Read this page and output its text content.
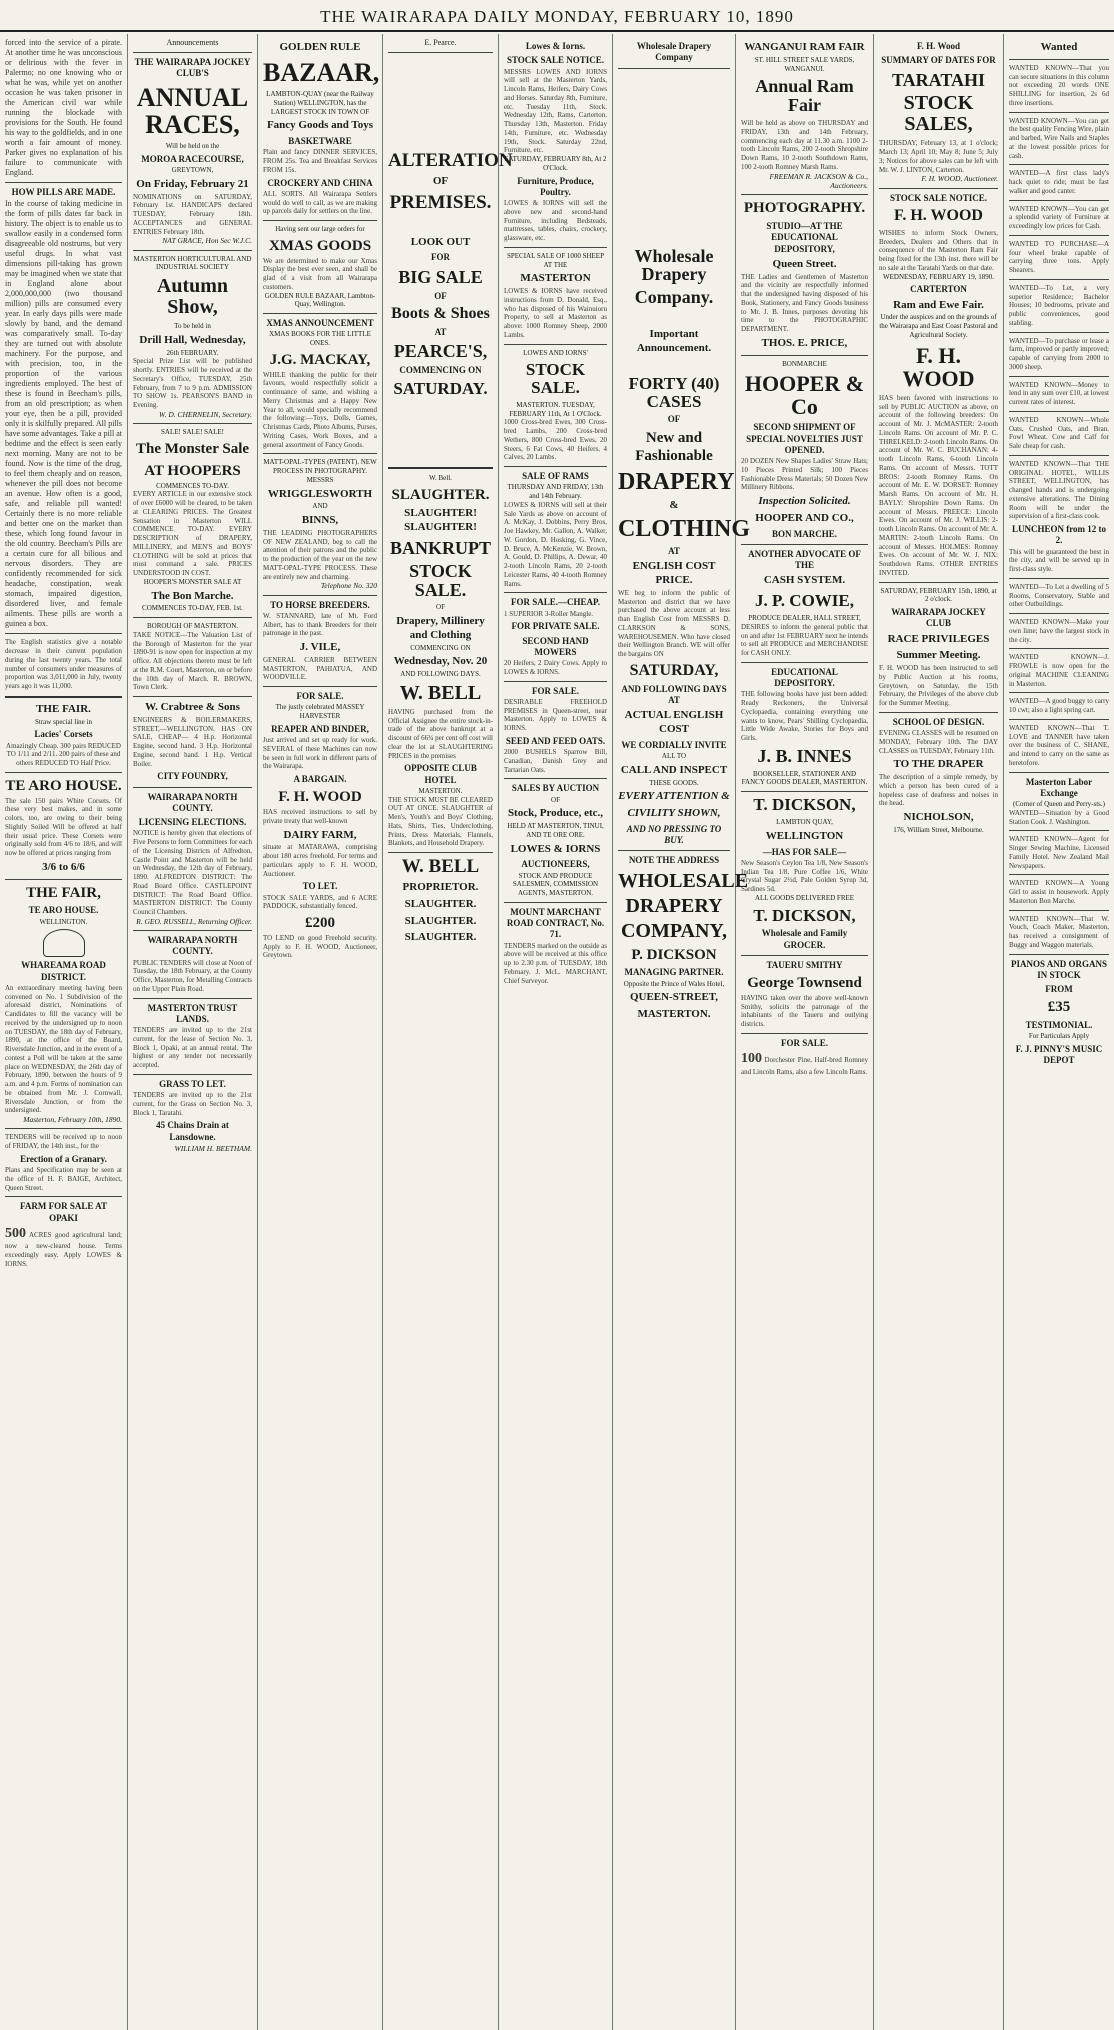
THE WAIRARAPA DAILY MONDAY, FEBRUARY 10, 1890
forced into the service of a pirate. At another time he was unconscious or delirious with the fever in Palermo; no one knowing who or what he was, while yet on another occasion he was taken prisoner in the American civil war while running the blockade with provisions for the South. He found his way to the goldfields, and in one worth a fair amount of money. Parker gives no explanation of his failure to communicate with England.
HOW PILLS ARE MADE.
In the course of taking medicine in the form of pills dates far back in history. The object is to enable us to swallow easily in a condensed form disagreeable old nostrums, but very useful drugs. In what vast dimensions pill-taking has grown may be imagined when we state that in England alone about 2,000,000,000 (two thousand million) pills are consumed every year. In early days pills were made slowly by hand, and the demand was comparatively small. To-day they are turned out with absolute machinery. For the purpose, and with precision, too, in the proportion of the various ingredients employed. The best of these is found in Beecham's pills, from an old prescription; as when your eye, then be a pill, provided only it is skilfully prepared. All pills have some advantages. Take a pill at bedtime and the effect is seen early next morning. Many are not to be found. Now is the time of the drug, to feel them cheaply and on reason, whenever the pill does not become an avenue. How often is a good, safe, and reliable pill wanted! Certainly there is no more reliable and better one on the market than these, which long found favour in the old country. Beecham's Pills are a certain cure for all bilious and nervous disorders. They are confidently recommended for sick headache, constipation, weak stomach, impaired digestion, disordered liver, and female ailments. These pills are worth a guinea a box.
The English statistics give a notable decrease in their current population during the last twenty years. The total number of consumers under measures of proportion was 3,011,000 in July, twenty years ago it was 11,000.
THE FAIR.
Straw special line in
Lacies' Corsets
Amazingly Cheap. 300 pairs REDUCED TO 1/11 and 2/11. 200 pairs of these and others REDUCED TO Half Price.
TE ARO HOUSE.
The sale 150 pairs White Corsets. Of these very best makes, and in some colors, too, are owing to their being Slightly Soiled Will be offered at half their usual price. These Corsets were originally sold from 4/6 to 18/6, and will now be offered at prices ranging from
3/6 to 6/6
THE FAIR,
TE ARO HOUSE.
WELLINGTON.
WHAREAMA ROAD DISTRICT.
An extraordinary meeting having been convened on No. 1 Subdivision of the aforesaid district, Nominations of Candidates to fill the vacancy will be received by the undersigned up to noon on TUESDAY, the 18th day of February, 1890, at the office of the Board, Riversdale Junction, and in the event of a contest a Poll will be taken at the same place on WEDNESDAY, the 26th day of February, 1890, between the hours of 9 a.m. and 4 p.m. Forms of nomination can be obtained from Mr. J. Cornwall, Riversdale Junction, or from the undersigned.
Masterton, February 10th, 1890.
TENDERS will be received up to noon of FRIDAY, the 14th inst., for the
Erection of a Granary.
Plans and Specification may be seen at the office of H. F. BAIGE, Architect, Queen Street.
FARM FOR SALE AT OPAKI
500 ACRES good agricultural land; now a new-cleared house. Terms exceedingly easy. Apply LOWES & IORNS.
Announcements
THE WAIRARAPA JOCKEY CLUB'S
ANNUAL RACES,
Will be held on the
MOROA RACECOURSE,
GREYTOWN,
On Friday, February 21
NOMINATIONS on SATURDAY, February 1st. HANDICAPS declared TUESDAY, February 18th. ACCEPTANCES and GENERAL ENTRIES February 18th.
NAT GRACE, Hon Sec W.J.C.
MASTERTON HORTICULTURAL AND INDUSTRIAL SOCIETY
Autumn Show,
To be held in
Drill Hall, Wednesday,
26th FEBRUARY.
Special Prize List will be published shortly. ENTRIES will be received at the Secretary's Office, TUESDAY, 25th February, from 7 to 9 p.m. ADMISSION TO SHOW 1s. PEARSON'S BAND in Evening.
W. D. CHERNELIN, Secretary.
SALE! SALE! SALE!
The Monster Sale
AT HOOPERS
COMMENCES TO-DAY.
EVERY ARTICLE in our extensive stock of over £6000 will be cleared, to be taken at CLEARING PRICES. The Greatest Sensation in Masterton WILL COMMENCE TO-DAY. EVERY DESCRIPTION of DRAPERY, MILLINERY, and MEN'S and BOYS' CLOTHING will be sold at prices that must command a sale. PRICES UNDERSTOOD IN COST.
HOOPER'S MONSTER SALE AT
The Bon Marche.
COMMENCES TO-DAY, FEB. 1st.
BOROUGH OF MASTERTON.
TAKE NOTICE—The Valuation List of the Borough of Masterton for the year 1890-91 is now open for inspection at my office. All objections thereto must be left at the R.M. Court, Masterton, on or before the 10th day of March. R. BROWN, Town Clerk.
W. Crabtree & Sons
ENGINEERS & BOILERMAKERS, STREET,—WELLINGTON. HAS ON SALE, CHEAP— 4 H.p. Horizontal Engine, second hand. 3 H.p. Horizontal Engine, second hand. 1 H.p. Vertical Boiler.
CITY FOUNDRY,
WAIRARAPA NORTH COUNTY.
LICENSING ELECTIONS.
NOTICE is hereby given that elections of Five Persons to form Committees for each of the Licensing Districts of Alfredton, Castle Point and Masterton will be held on Wednesday, the 12th day of February, 1890. ALFREDTON DISTRICT: The Road Board Office. CASTLEPOINT DISTRICT: The Road Board Office. MASTERTON DISTRICT: The County Council Chambers.
R. GEO. RUSSELL, Returning Officer.
WAIRARAPA NORTH COUNTY.
PUBLIC TENDERS will close at Noon of Tuesday, the 18th February, at the County Office, Masterton, for Metalling Contracts on the Upper Plain Road.
MASTERTON TRUST LANDS.
TENDERS are invited up to the 21st current, for the lease of Section No. 3, Block 1, Opaki, at an annual rental. The highest or any tender not necessarily accepted.
GRASS TO LET.
TENDERS are invited up to the 21st current, for the Grass on Section No. 3, Block 1, Taratahi.
45 Chains Drain at Lansdowne.
WILLIAM H. BEETHAM.
GOLDEN RULE
BAZAAR,
LAMBTON-QUAY (near the Railway Station) WELLINGTON, has the LARGEST STOCK IN TOWN OF
Fancy Goods and Toys
BASKETWARE
Plain and fancy DINNER SERVICES, FROM 25s. Tea and Breakfast Services FROM 15s.
CROCKERY AND CHINA
ALL SORTS. All Wairarapa Settlers would do well to call, as we are making up parcels daily for settlers on the line.
Having sent our large orders for
XMAS GOODS
We are determined to make our Xmas Display the best ever seen, and shall be glad of a visit from all Wairarapa customers.
GOLDEN RULE BAZAAR, Lambton-Quay, Wellington.
XMAS ANNOUNCEMENT
XMAS BOOKS FOR THE LITTLE ONES.
J.G. MACKAY,
WHILE thanking the public for their favours, would respectfully solicit a continuance of same, and wishing a Merry Christmas and a Happy New Year to all, would specially recommend the following:—Toys, Dolls, Games, Christmas Cards, Photo Albums, Purses, Writing Cases, Work Boxes, and a general assortment of Fancy Goods.
MATT-OPAL-TYPES (PATENT). NEW PROCESS IN PHOTOGRAPHY. MESSRS
WRIGGLESWORTH
AND
BINNS,
THE LEADING PHOTOGRAPHERS OF NEW ZEALAND, beg to call the attention of their patrons and the public to the production of the year on the new MATT-OPAL-TYPE PROCESS. These are entirely new and charming.
Telephone No. 320
TO HORSE BREEDERS.
W. STANNARD, late of Mt. Ford Albert, has to thank Breeders for their patronage in the past.
J. VILE,
GENERAL CARRIER BETWEEN MASTERTON, PAHIATUA, AND WOODVILLE.
FOR SALE.
The justly celebrated MASSEY HARVESTER
REAPER AND BINDER,
Just arrived and set up ready for work. SEVERAL of these Machines can now be seen in full work in different parts of the Wairarapa.
A BARGAIN.
F. H. WOOD
HAS received instructions to sell by private treaty that well-known
DAIRY FARM,
situate at MATARAWA, comprising about 180 acres freehold. For terms and particulars apply to F. H. WOOD, Auctioneer.
TO LET.
STOCK SALE YARDS, and 6 ACRE PADDOCK, substantially fenced.
£200
TO LEND on good Freehold security. Apply to F. H. WOOD, Auctioneer, Greytown.
E. Pearce.
ALTERATION
OF
PREMISES.
LOOK OUT
FOR
BIG SALE
OF
Boots & Shoes
AT
PEARCE'S,
COMMENCING ON
SATURDAY.
W. Bell.
SLAUGHTER.
SLAUGHTER! SLAUGHTER!
BANKRUPT
STOCK SALE.
OF
Drapery, Millinery and Clothing
COMMENCING ON
Wednesday, Nov. 20
AND FOLLOWING DAYS.
W. BELL
HAVING purchased from the Official Assignee the entire stock-in-trade of the above bankrupt at a discount of 66¾ per cent off cost will clear the lot at SLAUGHTERING PRICES in the premises
OPPOSITE CLUB HOTEL
MASTERTON.
THE STOCK MUST BE CLEARED OUT AT ONCE. SLAUGHTER of Men's, Youth's and Boys' Clothing, Hats, Shirts, Ties, Underclothing, Prints, Dress Materials, Flannels, Blankets, and Household Drapery.
W. BELL
PROPRIETOR.
SLAUGHTER.
SLAUGHTER.
SLAUGHTER.
Lowes & Iorns.
STOCK SALE NOTICE.
MESSRS LOWES AND IORNS will sell at the Masterton Yards, Lincoln Rams, Heifers, Dairy Cows and Horses. Saturday 8th, Furniture, etc. Tuesday 11th, Stock. Wednesday 12th, Rams, Carterton. Thursday 13th, Masterton. Friday 14th, Furniture, etc. Wednesday 19th, Stock. Saturday 22nd, Furniture, etc.
SATURDAY, FEBRUARY 8th, At 2 O'Clock.
Furniture, Produce, Poultry.
LOWES & IORNS will sell the above new and second-hand Furniture, including Bedsteads, mattresses, tables, chairs, crockery, glassware, etc.
SPECIAL SALE OF 1000 SHEEP AT THE
MASTERTON
LOWES & IORNS have received instructions from D. Donald, Esq., who has disposed of his Wainuioru Property, to sell at Masterton as above: 1000 Romney Sheep, 2000 Lambs.
LOWES AND IORNS'
STOCK SALE.
MASTERTON. TUESDAY, FEBRUARY 11th, At 1 O'Clock.
1000 Cross-bred Ewes, 300 Cross-bred Lambs, 200 Cross-bred Wethers, 800 Cross-bred Ewes, 20 Steers, 6 Fat Cows, 40 Heifers, 4 Calves, 20 Lambs.
SALE OF RAMS
THURSDAY AND FRIDAY, 13th and 14th February.
LOWES & IORNS will sell at their Sale Yards as above on account of A. McKay, J. Dobbins, Perry Bros, Joe Hawkey, Mr. Gallon, A. Walker, W. Gordon, D. Hosking, G. Vince, D. Bruce, A. McKenzie, W. Brown, A. Gould, D. Phillips, A. Dewar, 40 2-tooth Lincoln Rams, 20 2-tooth Leicester Rams, 40 4-tooth Romney Rams.
FOR SALE.—CHEAP.
1 SUPERIOR 3-Roller Mangle.
FOR PRIVATE SALE.
SECOND HAND MOWERS
20 Heifers, 2 Dairy Cows. Apply to LOWES & IORNS.
FOR SALE.
DESIRABLE FREEHOLD PREMISES in Queen-street, near Masterton. Apply to LOWES & IORNS.
SEED AND FEED OATS.
2000 BUSHELS Sparrow Bill, Canadian, Danish Grey and Tartarian Oats.
SALES BY AUCTION
OF
Stock, Produce, etc.,
HELD AT MASTERTON, TINUI, AND TE ORE ORE.
LOWES & IORNS
AUCTIONEERS,
STOCK AND PRODUCE SALESMEN, COMMISSION AGENTS, MASTERTON.
MOUNT MARCHANT ROAD CONTRACT, No. 71.
TENDERS marked on the outside as above will be received at this office up to 2.30 p.m. of TUESDAY, 18th February. J. McL. MARCHANT, Chief Surveyor.
Wholesale Drapery Company
Wholesale Drapery
Company.
Important Announcement.
FORTY (40) CASES
OF
New and Fashionable
DRAPERY
&
CLOTHING
AT
ENGLISH COST PRICE.
WE beg to inform the public of Masterton and district that we have purchased the above account at less than English Cost from MESSRS D. CLARKSON & SONS, WAREHOUSEMEN. Who have closed their Wellington Branch. WE will offer the bargains ON
SATURDAY,
AND FOLLOWING DAYS AT
ACTUAL ENGLISH COST
WE CORDIALLY INVITE
ALL TO
CALL AND INSPECT
THESE GOODS.
EVERY ATTENTION &
CIVILITY SHOWN,
AND NO PRESSING TO BUY.
NOTE THE ADDRESS
WHOLESALE
DRAPERY
COMPANY,
P. DICKSON
MANAGING PARTNER.
Opposite the Prince of Wales Hotel,
QUEEN-STREET,
MASTERTON.
WANGANUI RAM FAIR
ST. HILL STREET SALE YARDS, WANGANUI.
Annual Ram Fair
Will be held as above on THURSDAY and FRIDAY, 13th and 14th February, commencing each day at 11.30 a.m. 1100 2-tooth Lincoln Rams, 200 2-tooth Shropshire Down Rams, 10 2-tooth Southdown Rams, 100 2-tooth Romney Marsh Rams.
FREEMAN R. JACKSON & Co., Auctioneers.
PHOTOGRAPHY.
STUDIO—AT THE EDUCATIONAL DEPOSITORY,
Queen Street.
THE Ladies and Gentlemen of Masterton and the vicinity are respectfully informed that the undersigned having disposed of his Book, Stationery, and Fancy Goods business to Mr. J. B. Innes, purposes devoting his time to the PHOTOGRAPHIC DEPARTMENT.
THOS. E. PRICE,
BONMARCHE
HOOPER & Co
SECOND SHIPMENT OF SPECIAL NOVELTIES JUST OPENED.
20 DOZEN New Shapes Ladies' Straw Hats; 10 Pieces Printed Silk; 100 Pieces Fashionable Dress Materials; 50 Dozen New Millinery Ribbons.
Inspection Solicited.
HOOPER AND CO.,
BON MARCHE.
ANOTHER ADVOCATE OF THE
CASH SYSTEM.
J. P. COWIE,
PRODUCE DEALER, HALL STREET,
DESIRES to inform the general public that on and after 1st FEBRUARY next he intends to sell all PRODUCE and MERCHANDISE for CASH ONLY.
EDUCATIONAL DEPOSITORY.
THE following books have just been added: Ready Reckoners, the Universal Cyclopaedia, containing everything one wants to know, Pears' Shilling Cyclopaedia, Little Wide Awake, Stories for Boys and Girls.
J. B. INNES
BOOKSELLER, STATIONER AND FANCY GOODS DEALER, MASTERTON.
T. DICKSON,
LAMBTON QUAY,
WELLINGTON
—HAS FOR SALE—
New Season's Ceylon Tea 1/8, New Season's Indian Tea 1/8, Pure Coffee 1/6, White Crystal Sugar 2½d, Pale Golden Syrup 3d, Sardines 5d.
ALL GOODS DELIVERED FREE
T. DICKSON,
Wholesale and Family GROCER.
TAUERU SMITHY
George Townsend
HAVING taken over the above well-known Smithy, solicits the patronage of the inhabitants of the Taueru and outlying districts.
FOR SALE.
100 Dorchester Pine, Half-bred Romney and Lincoln Rams, also a few Lincoln Rams.
F. H. Wood
SUMMARY OF DATES FOR
TARATAHI
STOCK SALES,
THURSDAY, February 13, at 1 o'clock; March 13; April 10; May 8; June 5; July 3; Notices for above sales can be left with Mr. W. J. LINTON, Carterton.
F. H. WOOD, Auctioneer.
STOCK SALE NOTICE.
F. H. WOOD
WISHES to inform Stock Owners, Breeders, Dealers and Others that in consequence of the Masterton Ram Fair being fixed for the 13th inst. there will be no sale at the Taratahi Yards on that date.
WEDNESDAY, FEBRUARY 19, 1890.
CARTERTON
Ram and Ewe Fair.
Under the auspices and on the grounds of the Wairarapa and East Coast Pastoral and Agricultural Society.
F. H. WOOD
HAS been favored with instructions to sell by PUBLIC AUCTION as above, on account of the following breeders: On account of Mr. J. McMASTER: 2-tooth Lincoln Rams. On account of Mr. P. C. THRELKELD: 2-tooth Lincoln Rams. On account of Mr. W. C. BUCHANAN: 4-tooth Lincoln Rams, 6-tooth Lincoln Rams. On account of Messrs. TOTT BROS: 2-tooth Romney Rams. On account of Mr. E. W. DORSET: Romney Marsh Rams. On account of Mr. H. BAYLY: Shropshire Down Rams. On account of Messrs. PREECE: Lincoln Ewes. On account of Mr. J. WILLIS: 2-tooth Lincoln Rams. On account of Mr. A. MARTIN: 2-tooth Lincoln Rams. On account of Messrs. HOLMES: Romney Ewes. On account of Mr. W. J. NIX: Southdown Rams. OTHER ENTRIES INVITED.
SATURDAY, FEBRUARY 15th, 1890, at 2 o'clock.
WAIRARAPA JOCKEY CLUB
RACE PRIVILEGES
Summer Meeting.
F. H. WOOD has been instructed to sell by Public Auction at his rooms, Greytown, on Saturday, the 15th February, the Privileges of the above club for the Summer Meeting.
SCHOOL OF DESIGN.
EVENING CLASSES will be resumed on MONDAY, February 10th. The DAY CLASSES on TUESDAY, February 11th.
TO THE DRAPER
The description of a simple remedy, by which a person has been cured of a hopeless case of deafness and noises in the head.
NICHOLSON,
176, William Street, Melbourne.
Wanted
WANTED KNOWN—That you can secure situations in this column not exceeding 20 words ONE SHILLING for insertion, 2s 6d three insertions.
WANTED KNOWN—You can get the best quality Fencing Wire, plain and barbed, Wire Nails and Staples at the lowest possible prices for cash.
WANTED—A first class lady's hack quiet to ride; must be fast walker and good canter.
WANTED KNOWN—You can get a splendid variety of Furniture at exceedingly low prices for Cash.
WANTED TO PURCHASE—A four wheel brake capable of carrying three tons. Apply Shearers.
WANTED—To Let, a very superior Residence; Bachelor Houses; 10 bedrooms, private and public conveniences, good stabling.
WANTED—To purchase or lease a farm, improved or partly improved; capable of carrying from 2000 to 3000 sheep.
WANTED KNOWN—Money to lend in any sum over £10, at lowest current rates of interest.
WANTED KNOWN—Whole Oats, Crushed Oats, and Bran. Fowl Wheat. Cow and Calf for Sale cheap for cash.
WANTED KNOWN—That THE ORIGINAL HOTEL, WILLIS STREET, WELLINGTON, has changed hands and is undergoing extensive alterations. The Dining Room will be under the supervision of a first-class cook.
LUNCHEON from 12 to 2.
This will be guaranteed the best in the city, and will be served up in first-class style.
WANTED—To Let a dwelling of 5 Rooms, Conservatory, Stable and other Outbuildings.
WANTED KNOWN—Make your own lime; have the largest stock in the city.
WANTED KNOWN—J. FROWLE is now open for the original MACHINE CLEANING in Masterton.
WANTED—A good buggy to carry 10 cwt; also a light spring cart.
WANTED KNOWN—That T. LOVE and TANNER have taken over the business of C. SHANE, and intend to carry on the same as heretofore.
Masterton Labor Exchange
(Corner of Queen and Perry-sts.)
WANTED—Situation by a Good Station Cook. J. Washington.
WANTED KNOWN—Agent for Singer Sewing Machine, Licensed Family Hotel. New Zealand Mail Newspapers.
WANTED KNOWN—A Young Girl to assist in housework. Apply Masterton Bon Marche.
WANTED KNOWN—That W. Vouch, Coach Maker, Masterton, has received a consignment of Buggy and Waggon materials.
PIANOS AND ORGANS IN STOCK
FROM
£35
TESTIMONIAL.
For Particulars Apply
F. J. PINNY'S MUSIC DEPOT
